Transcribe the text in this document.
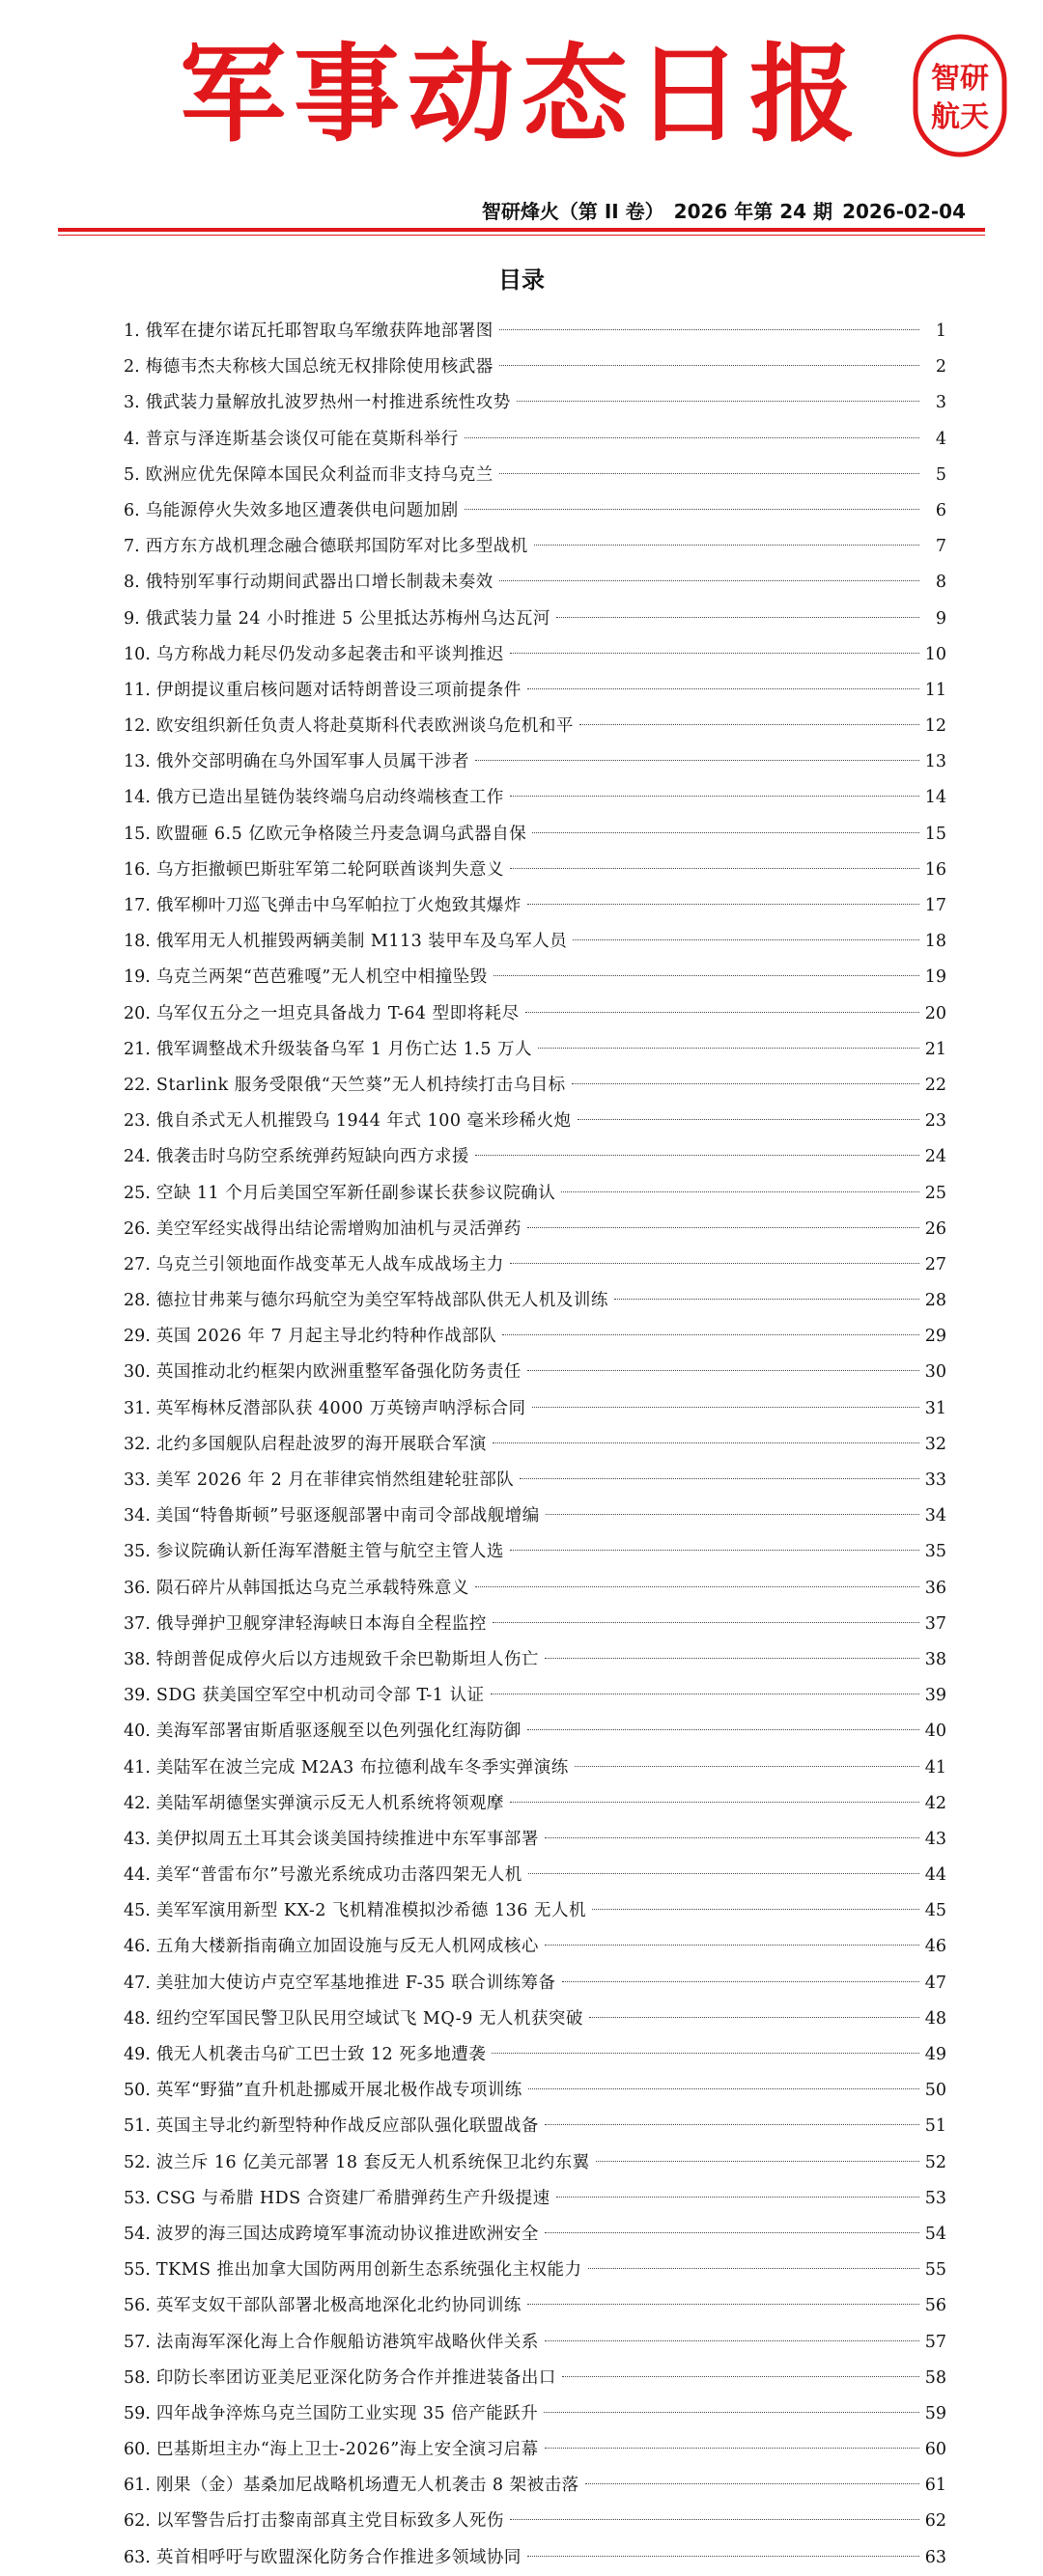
军事动态日报	智研
航天
智研烽火（第 II 卷） 2026 年第 24 期 2026-02-04
目录
1. 俄军在捷尔诺瓦托耶智取乌军缴获阵地部署图	1
2. 梅德韦杰夫称核大国总统无权排除使用核武器	2
3. 俄武装力量解放扎波罗热州一村推进系统性攻势	3
4. 普京与泽连斯基会谈仅可能在莫斯科举行	4
5. 欧洲应优先保障本国民众利益而非支持乌克兰	5
6. 乌能源停火失效多地区遭袭供电问题加剧	6
7. 西方东方战机理念融合德联邦国防军对比多型战机	7
8. 俄特别军事行动期间武器出口增长制裁未奏效	8
9. 俄武装力量 24 小时推进 5 公里抵达苏梅州乌达瓦河	9
10. 乌方称战力耗尽仍发动多起袭击和平谈判推迟	10
11. 伊朗提议重启核问题对话特朗普设三项前提条件	11
12. 欧安组织新任负责人将赴莫斯科代表欧洲谈乌危机和平	12
13. 俄外交部明确在乌外国军事人员属干涉者	13
14. 俄方已造出星链伪装终端乌启动终端核查工作	14
15. 欧盟砸 6.5 亿欧元争格陵兰丹麦急调乌武器自保	15
16. 乌方拒撤顿巴斯驻军第二轮阿联酋谈判失意义	16
17. 俄军柳叶刀巡飞弹击中乌军帕拉丁火炮致其爆炸	17
18. 俄军用无人机摧毁两辆美制 M113 装甲车及乌军人员	18
19. 乌克兰两架“芭芭雅嘎”无人机空中相撞坠毁	19
20. 乌军仅五分之一坦克具备战力 T-64 型即将耗尽	20
21. 俄军调整战术升级装备乌军 1 月伤亡达 1.5 万人	21
22. Starlink 服务受限俄“天竺葵”无人机持续打击乌目标	22
23. 俄自杀式无人机摧毁乌 1944 年式 100 毫米珍稀火炮	23
24. 俄袭击时乌防空系统弹药短缺向西方求援	24
25. 空缺 11 个月后美国空军新任副参谋长获参议院确认	25
26. 美空军经实战得出结论需增购加油机与灵活弹药	26
27. 乌克兰引领地面作战变革无人战车成战场主力	27
28. 德拉甘弗莱与德尔玛航空为美空军特战部队供无人机及训练	28
29. 英国 2026 年 7 月起主导北约特种作战部队	29
30. 英国推动北约框架内欧洲重整军备强化防务责任	30
31. 英军梅林反潜部队获 4000 万英镑声呐浮标合同	31
32. 北约多国舰队启程赴波罗的海开展联合军演	32
33. 美军 2026 年 2 月在菲律宾悄然组建轮驻部队	33
34. 美国“特鲁斯顿”号驱逐舰部署中南司令部战舰增编	34
35. 参议院确认新任海军潜艇主管与航空主管人选	35
36. 陨石碎片从韩国抵达乌克兰承载特殊意义	36
37. 俄导弹护卫舰穿津轻海峡日本海自全程监控	37
38. 特朗普促成停火后以方违规致千余巴勒斯坦人伤亡	38
39. SDG 获美国空军空中机动司令部 T-1 认证	39
40. 美海军部署宙斯盾驱逐舰至以色列强化红海防御	40
41. 美陆军在波兰完成 M2A3 布拉德利战车冬季实弹演练	41
42. 美陆军胡德堡实弹演示反无人机系统将领观摩	42
43. 美伊拟周五土耳其会谈美国持续推进中东军事部署	43
44. 美军“普雷布尔”号激光系统成功击落四架无人机	44
45. 美军军演用新型 KX-2 飞机精准模拟沙希德 136 无人机	45
46. 五角大楼新指南确立加固设施与反无人机网成核心	46
47. 美驻加大使访卢克空军基地推进 F-35 联合训练筹备	47
48. 纽约空军国民警卫队民用空域试飞 MQ-9 无人机获突破	48
49. 俄无人机袭击乌矿工巴士致 12 死多地遭袭	49
50. 英军“野猫”直升机赴挪威开展北极作战专项训练	50
51. 英国主导北约新型特种作战反应部队强化联盟战备	51
52. 波兰斥 16 亿美元部署 18 套反无人机系统保卫北约东翼	52
53. CSG 与希腊 HDS 合资建厂希腊弹药生产升级提速	53
54. 波罗的海三国达成跨境军事流动协议推进欧洲安全	54
55. TKMS 推出加拿大国防两用创新生态系统强化主权能力	55
56. 英军支奴干部队部署北极高地深化北约协同训练	56
57. 法南海军深化海上合作舰船访港筑牢战略伙伴关系	57
58. 印防长率团访亚美尼亚深化防务合作并推进装备出口	58
59. 四年战争淬炼乌克兰国防工业实现 35 倍产能跃升	59
60. 巴基斯坦主办“海上卫士-2026”海上安全演习启幕	60
61. 刚果（金）基桑加尼战略机场遭无人机袭击 8 架被击落	61
62. 以军警告后打击黎南部真主党目标致多人死伤	62
63. 英首相呼吁与欧盟深化防务合作推进多领域协同	63
